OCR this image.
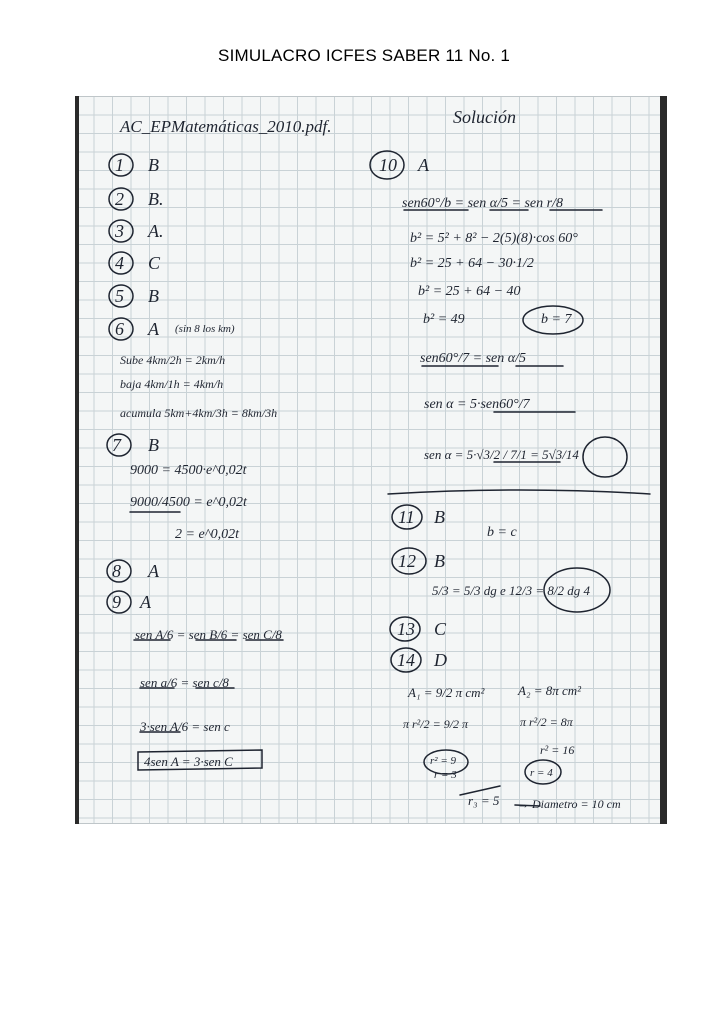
SIMULACRO ICFES SABER 11 No. 1
AC_EPMatemáticas_2010.pdf.	Solución
1 B
2 B.
3 A.
4 C
5 B
6 A (sin 8 los km)
Sube 4km/2h = 2km/h
baja 4km/1h = 4km/h
acumula 5km+4km/3h = 8km/3h
7 B
9000 = 4500·e^0,02t
9000/4500 = e^0,02t
2 = e^0,02t
8 A
9 A
sen A/6 = sen B/6 = sen C/8
sen a/6 = sen c/8
3·sen A/6 = sen c
4sen A = 3·sen C
10 A
sen60°/b = sen α/5 = sen r/8
b² = 5² + 8² − 2(5)(8)·cos 60°
b² = 25 + 64 − 30·1/2
b² = 25 + 64 − 40
b² = 49	b = 7
sen60°/7 = sen α/5
sen α = 5·sen60°/7
sen α = 5·√3/2 / 7/1 = 5√3/14
11 B
b = c
12 B
5/3 = 5/3 dg e 12/3 = 8/2 dg 4
13 C
14 D
A₁ = 9/2 π cm²	A₂ = 8π cm²
π r²/2 = 9/2 π	π r²/2 = 8π
r² = 16
r² = 9
r = 3	r = 4
r₃ = 5 → Diametro = 10 cm
